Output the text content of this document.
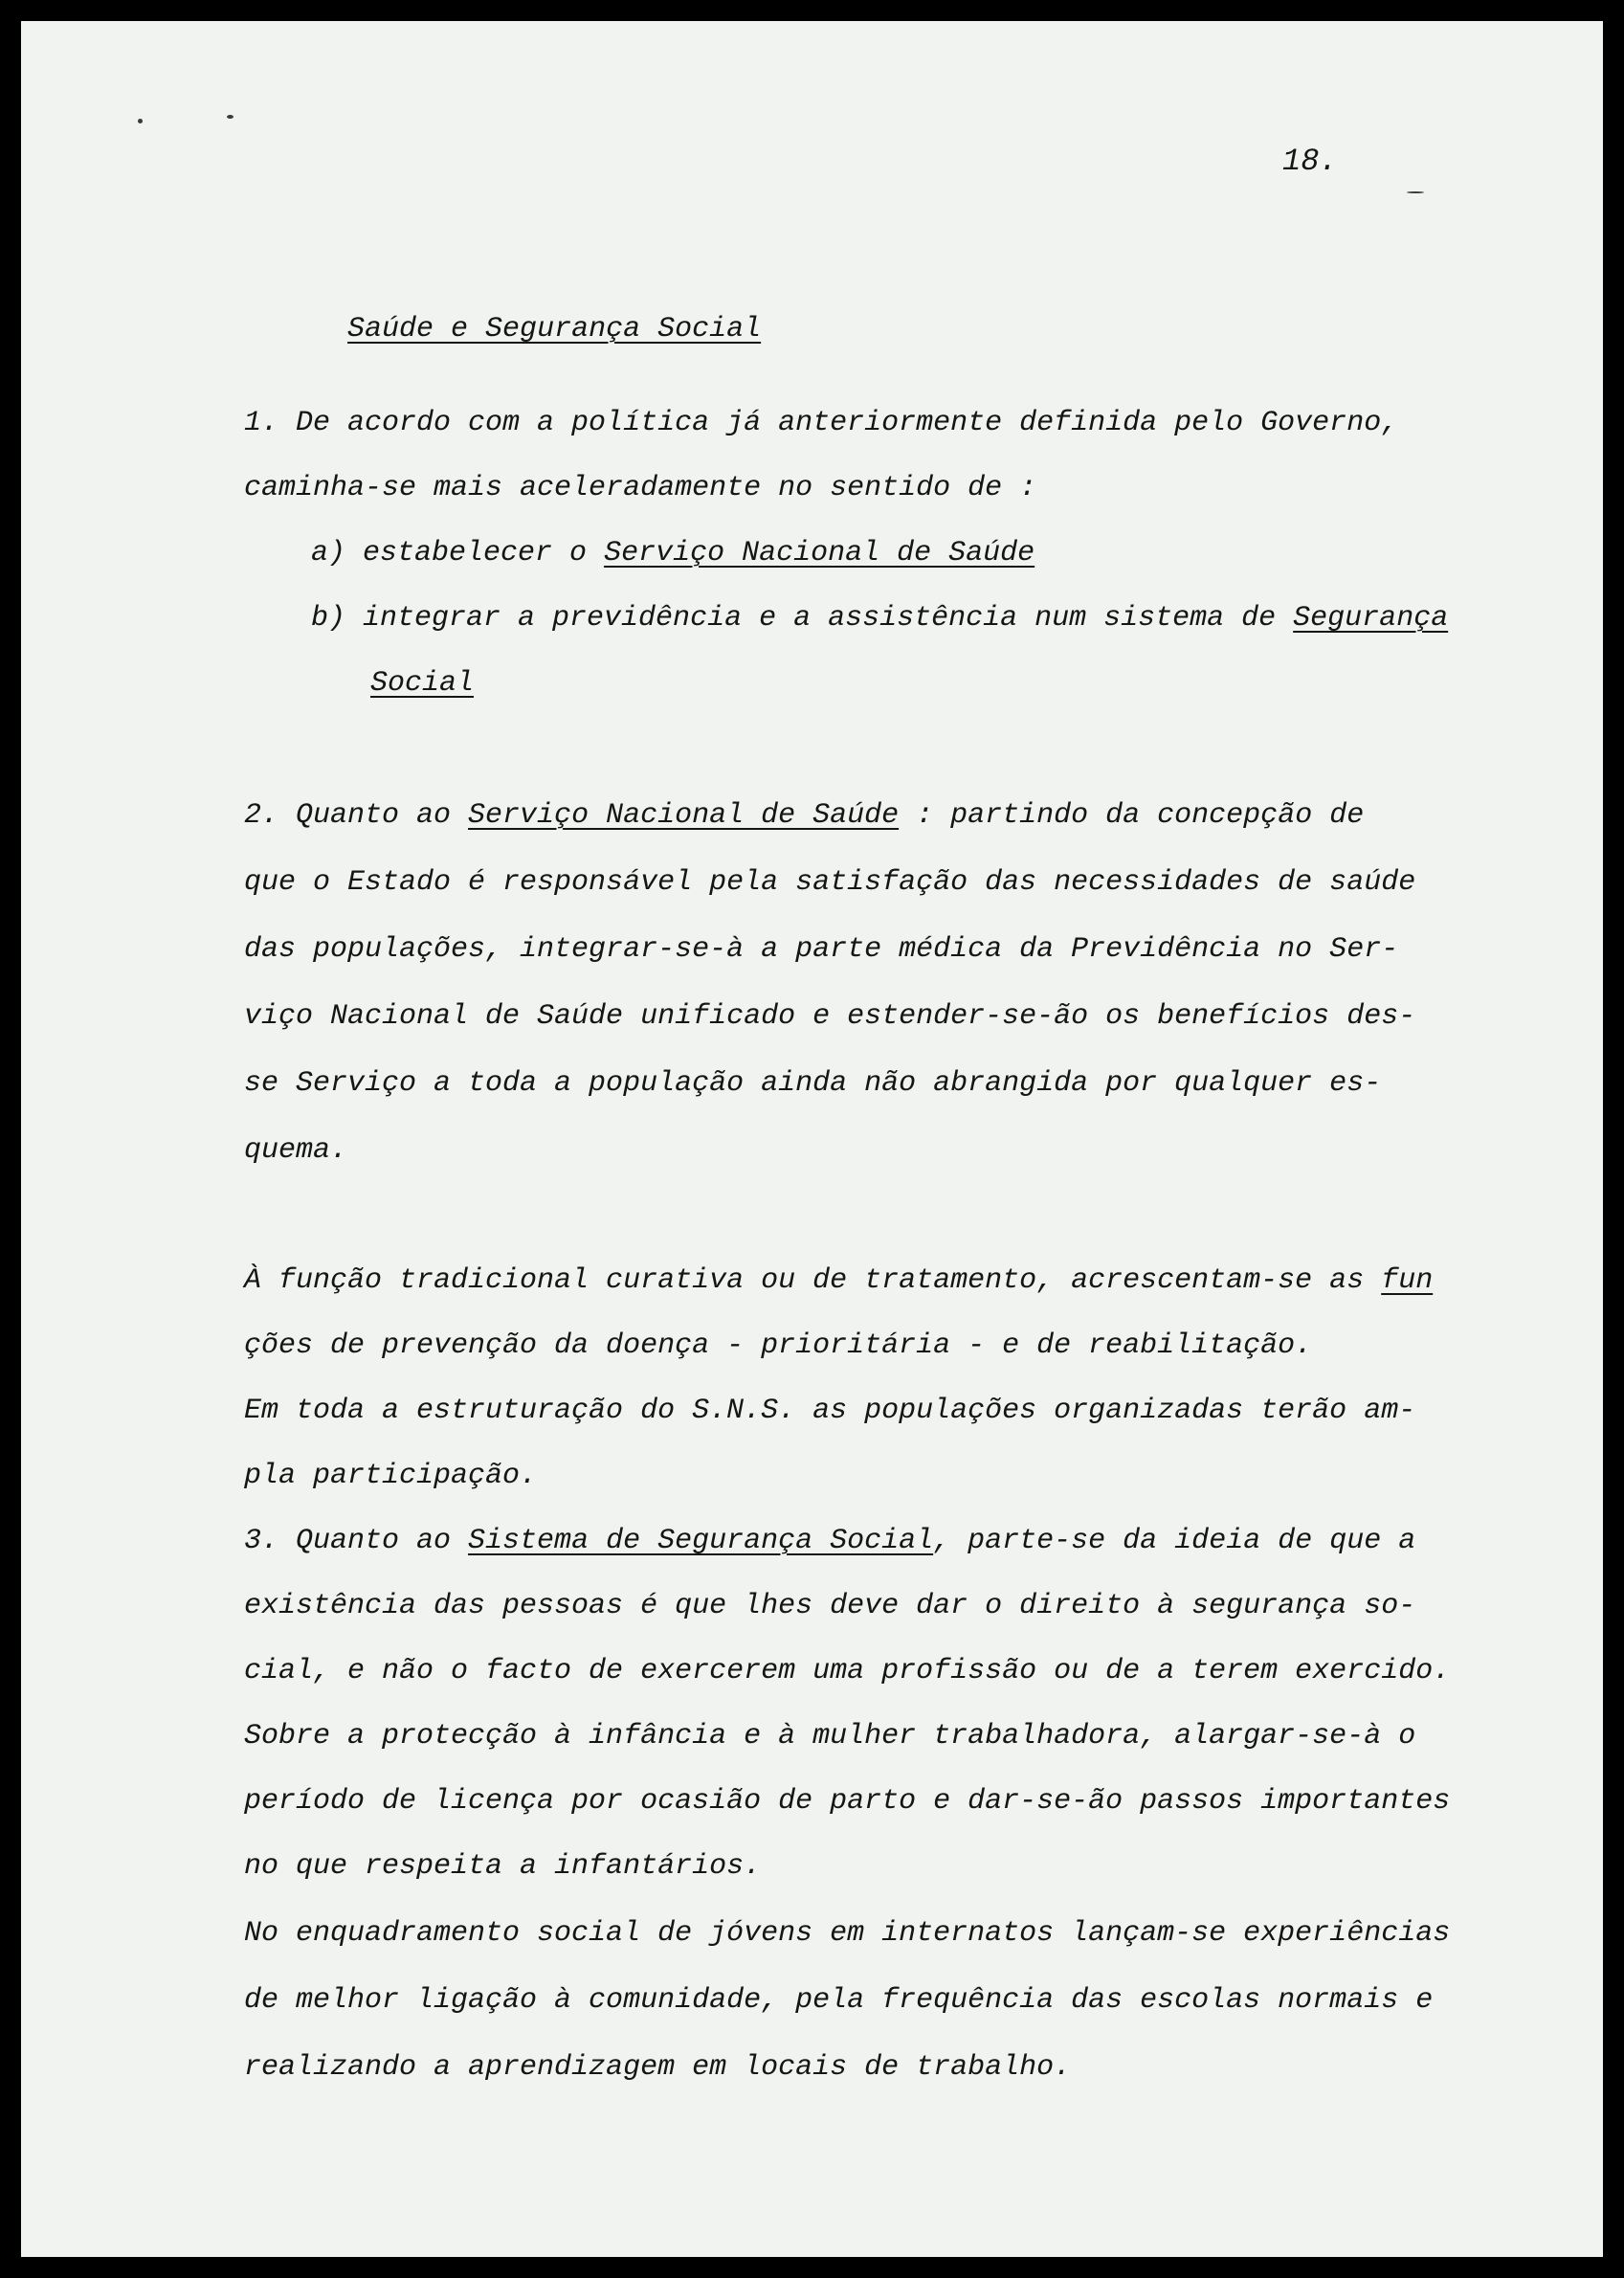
18.

Saúde e Segurança Social

1. De acordo com a política já anteriormente definida pelo Governo,

caminha-se mais aceleradamente no sentido de :

a) estabelecer o Serviço Nacional de Saúde

b) integrar a previdência e a assistência num sistema de Segurança

Social

2. Quanto ao Serviço Nacional de Saúde : partindo da concepção de

que o Estado é responsável pela satisfação das necessidades de saúde

das populações, integrar-se-à a parte médica da Previdência no Ser-

viço Nacional de Saúde unificado e estender-se-ão os benefícios des-

se Serviço a toda a população ainda não abrangida por qualquer es-

quema.

À função tradicional curativa ou de tratamento, acrescentam-se as fun

ções de prevenção da doença - prioritária - e de reabilitação.

Em toda a estruturação do S.N.S. as populações organizadas terão am-

pla participação.

3. Quanto ao Sistema de Segurança Social, parte-se da ideia de que a

existência das pessoas é que lhes deve dar o direito à segurança so-

cial, e não o facto de exercerem uma profissão ou de a terem exercido.

Sobre a protecção à infância e à mulher trabalhadora, alargar-se-à o

período de licença por ocasião de parto e dar-se-ão passos importantes

no que respeita a infantários.

No enquadramento social de jóvens em internatos lançam-se experiências

de melhor ligação à comunidade, pela frequência das escolas normais e

realizando a aprendizagem em locais de trabalho.
